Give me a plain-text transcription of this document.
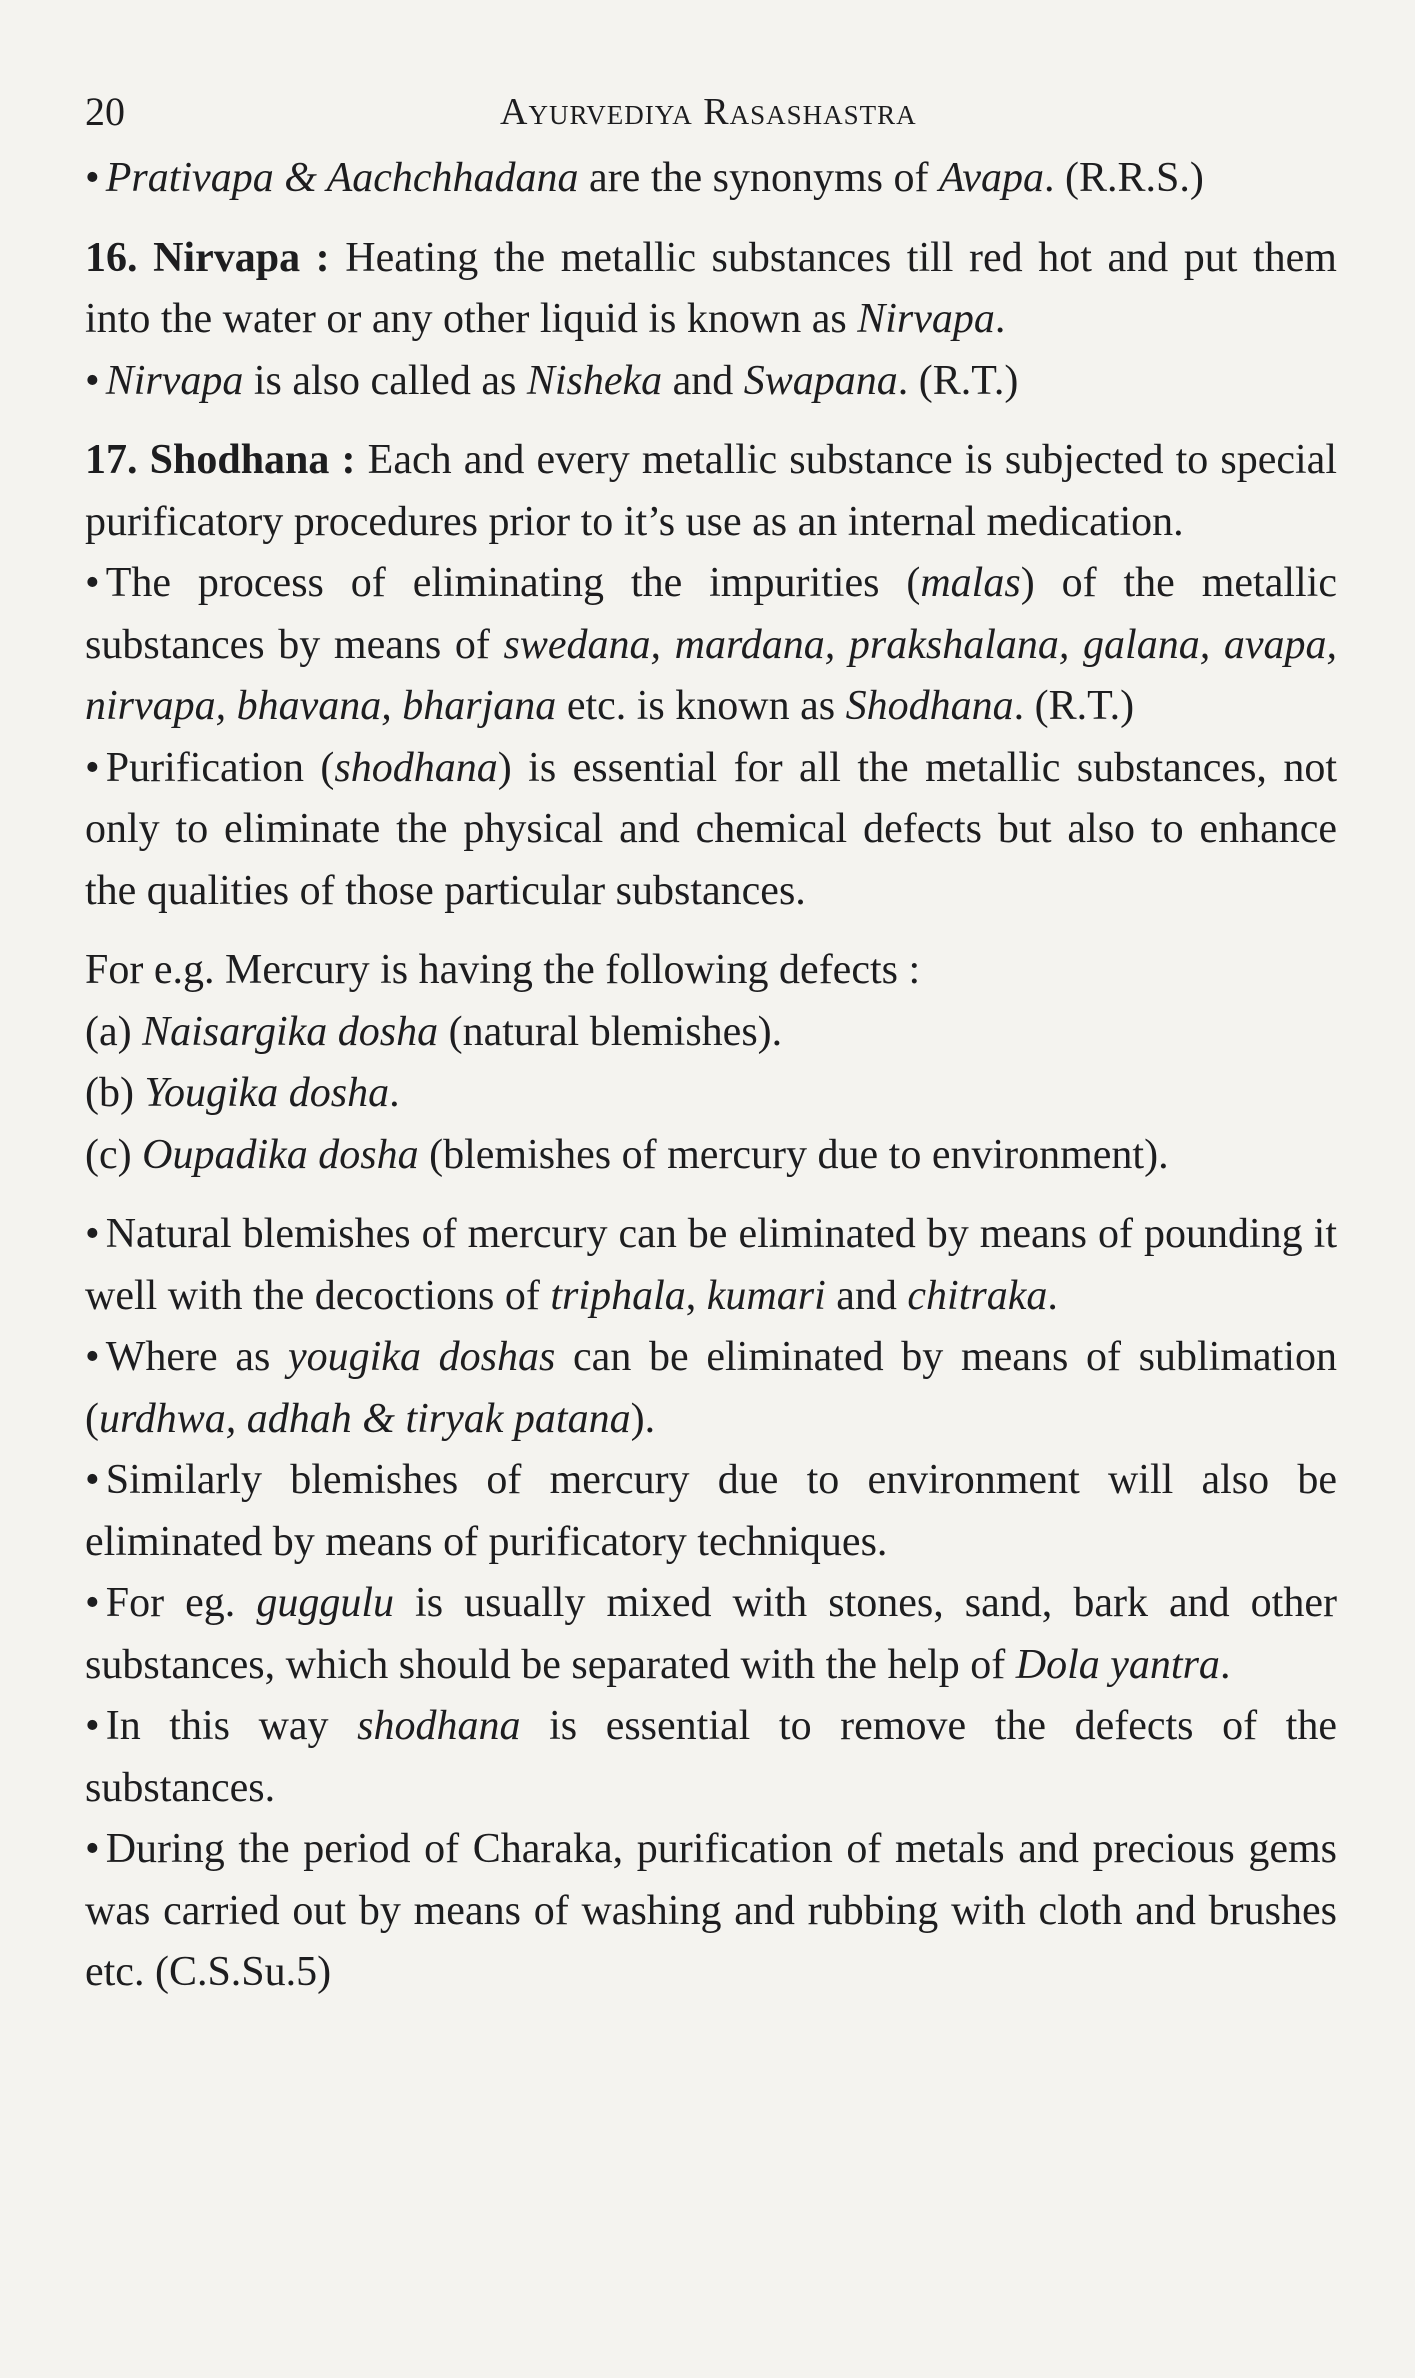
20	Ayurvediya Rasashastra

• Prativapa & Aachchhadana are the synonyms of Avapa. (R.R.S.)

16. Nirvapa : Heating the metallic substances till red hot and put them into the water or any other liquid is known as Nirvapa.

• Nirvapa is also called as Nisheka and Swapana. (R.T.)

17. Shodhana : Each and every metallic substance is subjected to special purificatory procedures prior to it’s use as an internal medication.

• The process of eliminating the impurities (malas) of the metallic substances by means of swedana, mardana, prakshalana, galana, avapa, nirvapa, bhavana, bharjana etc. is known as Shodhana. (R.T.)

• Purification (shodhana) is essential for all the metallic substances, not only to eliminate the physical and chemical defects but also to enhance the qualities of those particular substances.

For e.g. Mercury is having the following defects :

(a) Naisargika dosha (natural blemishes).

(b) Yougika dosha.

(c) Oupadika dosha (blemishes of mercury due to environment).

• Natural blemishes of mercury can be eliminated by means of pounding it well with the decoctions of triphala, kumari and chitraka.

• Where as yougika doshas can be eliminated by means of sublimation (urdhwa, adhah & tiryak patana).

• Similarly blemishes of mercury due to environment will also be eliminated by means of purificatory techniques.

• For eg. guggulu is usually mixed with stones, sand, bark and other substances, which should be separated with the help of Dola yantra.

• In this way shodhana is essential to remove the defects of the substances.

• During the period of Charaka, purification of metals and precious gems was carried out by means of washing and rubbing with cloth and brushes etc. (C.S.Su.5)
